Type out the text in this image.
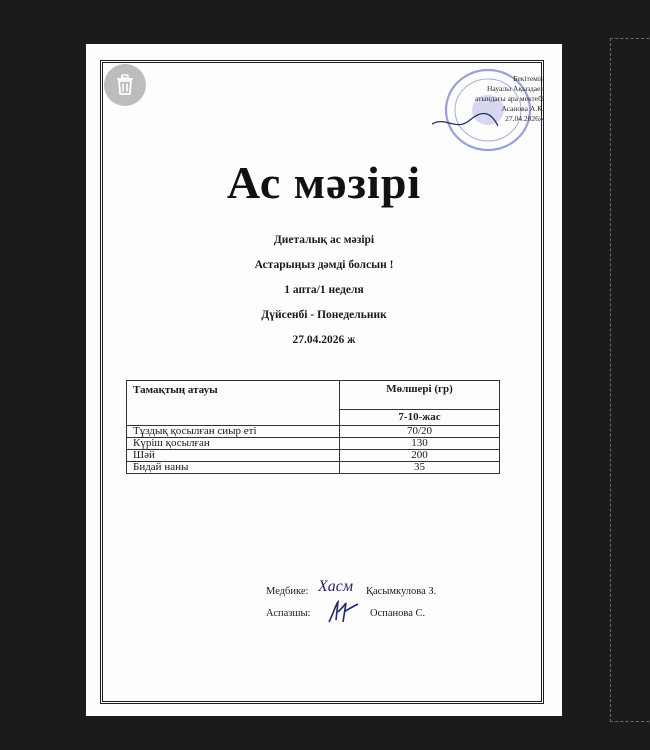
Бекітемін
Науалы Ақыздаев
атындағы ара мектебі
Асанова А.К.
27.04.2026ж
Ас мәзірі
Диеталық ас мәзірі
Астарыңыз дәмді болсын !
1 апта/1 неделя
Дүйсенбі - Понедельник
27.04.2026 ж
Тамақтың атауы	Мөлшері (гр)
	7-10-жас
Тұздық қосылған сиыр еті	70/20
Күріш қосылған	130
Шәй	200
Бидай наны	35
Медбике: Хасм Қасымкулова З.
Аспазшы:	Оспанова С.
